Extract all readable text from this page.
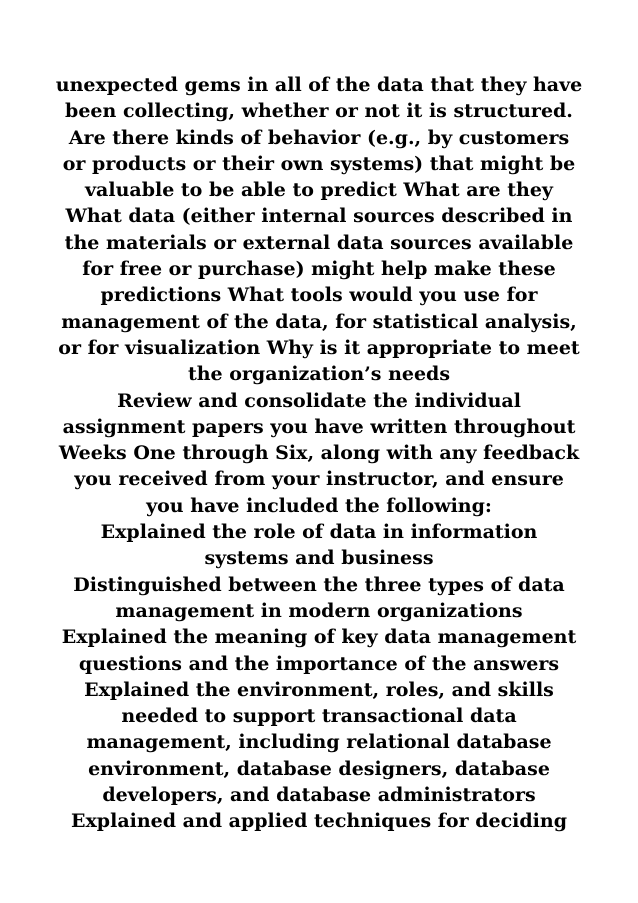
unexpected gems in all of the data that they have
been collecting, whether or not it is structured.
Are there kinds of behavior (e.g., by customers
or products or their own systems) that might be
valuable to be able to predict What are they
What data (either internal sources described in
the materials or external data sources available
for free or purchase) might help make these
predictions What tools would you use for
management of the data, for statistical analysis,
or for visualization Why is it appropriate to meet
the organization’s needs
Review and consolidate the individual
assignment papers you have written throughout
Weeks One through Six, along with any feedback
you received from your instructor, and ensure
you have included the following:
Explained the role of data in information
systems and business
Distinguished between the three types of data
management in modern organizations
Explained the meaning of key data management
questions and the importance of the answers
Explained the environment, roles, and skills
needed to support transactional data
management, including relational database
environment, database designers, database
developers, and database administrators
Explained and applied techniques for deciding
